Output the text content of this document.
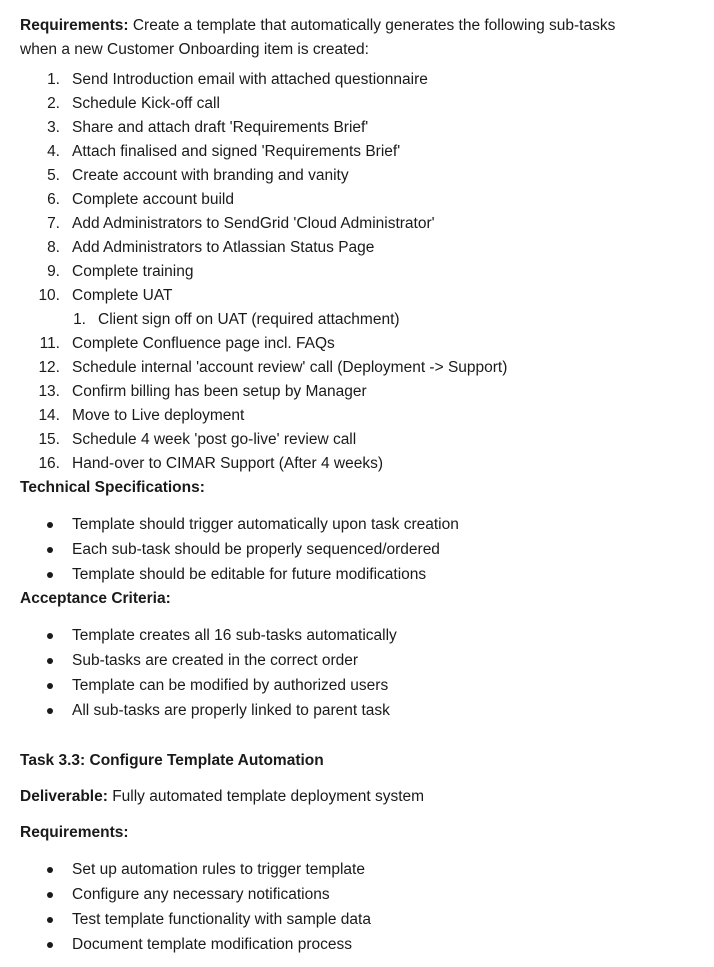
Requirements: Create a template that automatically generates the following sub-tasks
when a new Customer Onboarding item is created:
1. Send Introduction email with attached questionnaire
2. Schedule Kick-off call
3. Share and attach draft 'Requirements Brief'
4. Attach finalised and signed 'Requirements Brief'
5. Create account with branding and vanity
6. Complete account build
7. Add Administrators to SendGrid 'Cloud Administrator'
8. Add Administrators to Atlassian Status Page
9. Complete training
10. Complete UAT
1. Client sign off on UAT (required attachment)
11. Complete Confluence page incl. FAQs
12. Schedule internal 'account review' call (Deployment -> Support)
13. Confirm billing has been setup by Manager
14. Move to Live deployment
15. Schedule 4 week 'post go-live' review call
16. Hand-over to CIMAR Support (After 4 weeks)
Technical Specifications:
Template should trigger automatically upon task creation
Each sub-task should be properly sequenced/ordered
Template should be editable for future modifications
Acceptance Criteria:
Template creates all 16 sub-tasks automatically
Sub-tasks are created in the correct order
Template can be modified by authorized users
All sub-tasks are properly linked to parent task
Task 3.3: Configure Template Automation
Deliverable: Fully automated template deployment system
Requirements:
Set up automation rules to trigger template
Configure any necessary notifications
Test template functionality with sample data
Document template modification process
